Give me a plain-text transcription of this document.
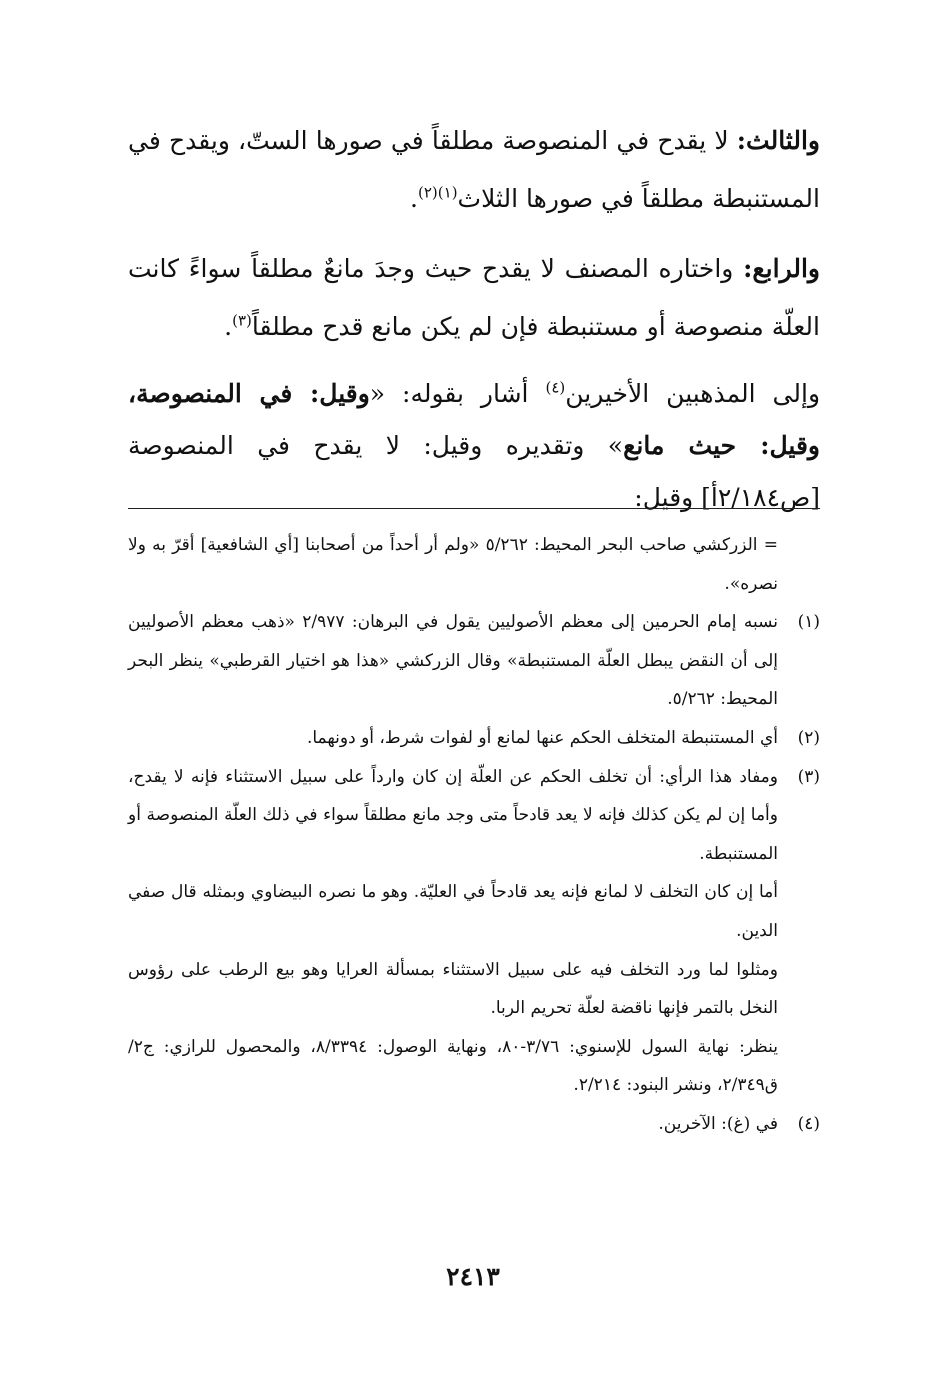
والثالث: لا يقدح في المنصوصة مطلقاً في صورها الستّ، ويقدح في المستنبطة مطلقاً في صورها الثلاث$^{(١)(٢)}$.

والرابع: واختاره المصنف لا يقدح حيث وجدَ مانعٌ مطلقاً سواءً كانت العلّة منصوصة أو مستنبطة فإن لم يكن مانع قدح مطلقاً$^{(٣)}$.

وإلى المذهبين الأخيرين$^{(٤)}$ أشار بقوله: «وقيل: في المنصوصة، وقيل: حيث مانع» وتقديره وقيل: لا يقدح في المنصوصة [ص٢/١٨٤أ] وقيل:

= الزركشي صاحب البحر المحيط: ٥/٢٦٢ «ولم أر أحداً من أصحابنا [أي الشافعية] أقرّ به ولا نصره».

(١)نسبه إمام الحرمين إلى معظم الأصوليين يقول في البرهان: ٢/٩٧٧ «ذهب معظم الأصوليين إلى أن النقض يبطل العلّة المستنبطة» وقال الزركشي «هذا هو اختيار القرطبي» ينظر البحر المحيط: ٥/٢٦٢.

(٢)أي المستنبطة المتخلف الحكم عنها لمانع أو لفوات شرط، أو دونهما.

(٣)ومفاد هذا الرأي: أن تخلف الحكم عن العلّة إن كان وارداً على سبيل الاستثناء فإنه لا يقدح، وأما إن لم يكن كذلك فإنه لا يعد قادحاً متى وجد مانع مطلقاً سواء في ذلك العلّة المنصوصة أو المستنبطة.

أما إن كان التخلف لا لمانع فإنه يعد قادحاً في العليّة. وهو ما نصره البيضاوي وبمثله قال صفي الدين.

ومثلوا لما ورد التخلف فيه على سبيل الاستثناء بمسألة العرايا وهو بيع الرطب على رؤوس النخل بالتمر فإنها ناقضة لعلّة تحريم الربا.

ينظر: نهاية السول للإسنوي: ٣/٧٦-٨٠، ونهاية الوصول: ٨/٣٣٩٤، والمحصول للرازي: ج٢/ق٢/٣٤٩، ونشر البنود: ٢/٢١٤.

(٤)في (غ): الآخرين.

٢٤١٣
